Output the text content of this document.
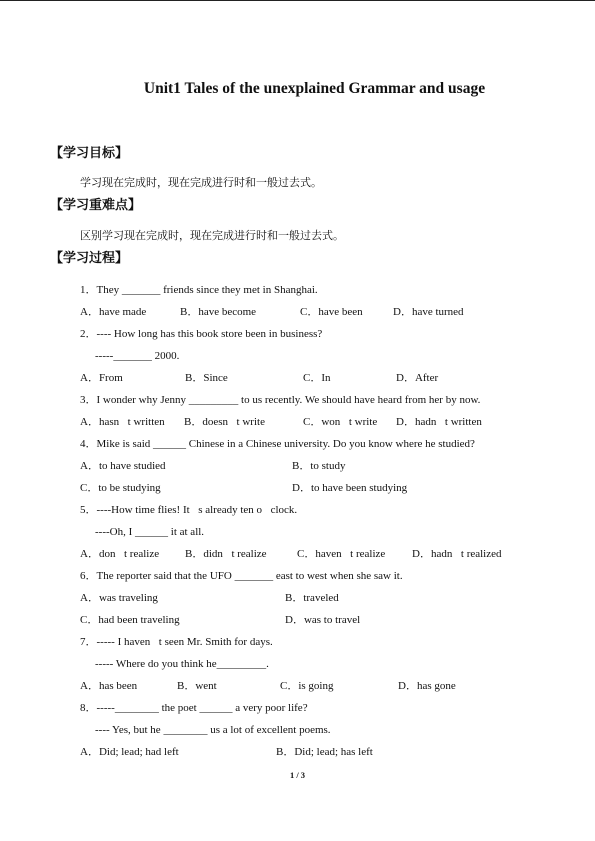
Unit1 Tales of the unexplained Grammar and usage
【学习目标】
学习现在完成时，现在完成进行时和一般过去式。
【学习重难点】
区别学习现在完成时，现在完成进行时和一般过去式。
【学习过程】
1．They _______ friends since they met in Shanghai.
A．have made	B．have become	C．have been	D．have turned
2．---- How long has this book store been in business?
-----_______ 2000.
A．From	B．Since	C．In	D．After
3．I wonder why Jenny _________ to us recently. We should have heard from her by now.
A．hasn t written B．doesn t write	C．won t write D．hadn t written
4．Mike is said ______ Chinese in a Chinese university. Do you know where he studied?
A．to have studied	B．to study
C．to be studying	D．to have been studying
5．----How time flies! It s already ten o clock.
----Oh, I ______ it at all.
A．don t realize B．didn t realize	C．haven t realize D．hadn t realized
6．The reporter said that the UFO _______ east to west when she saw it.
A．was traveling	B．traveled
C．had been traveling	D．was to travel
7．----- I haven t seen Mr. Smith for days.
----- Where do you think he_________.
A．has been	B．went	C．is going	D．has gone
8．-----________ the poet ______ a very poor life?
---- Yes, but he ________ us a lot of excellent poems.
A．Did; lead; had left	B．Did; lead; has left
1 / 3
